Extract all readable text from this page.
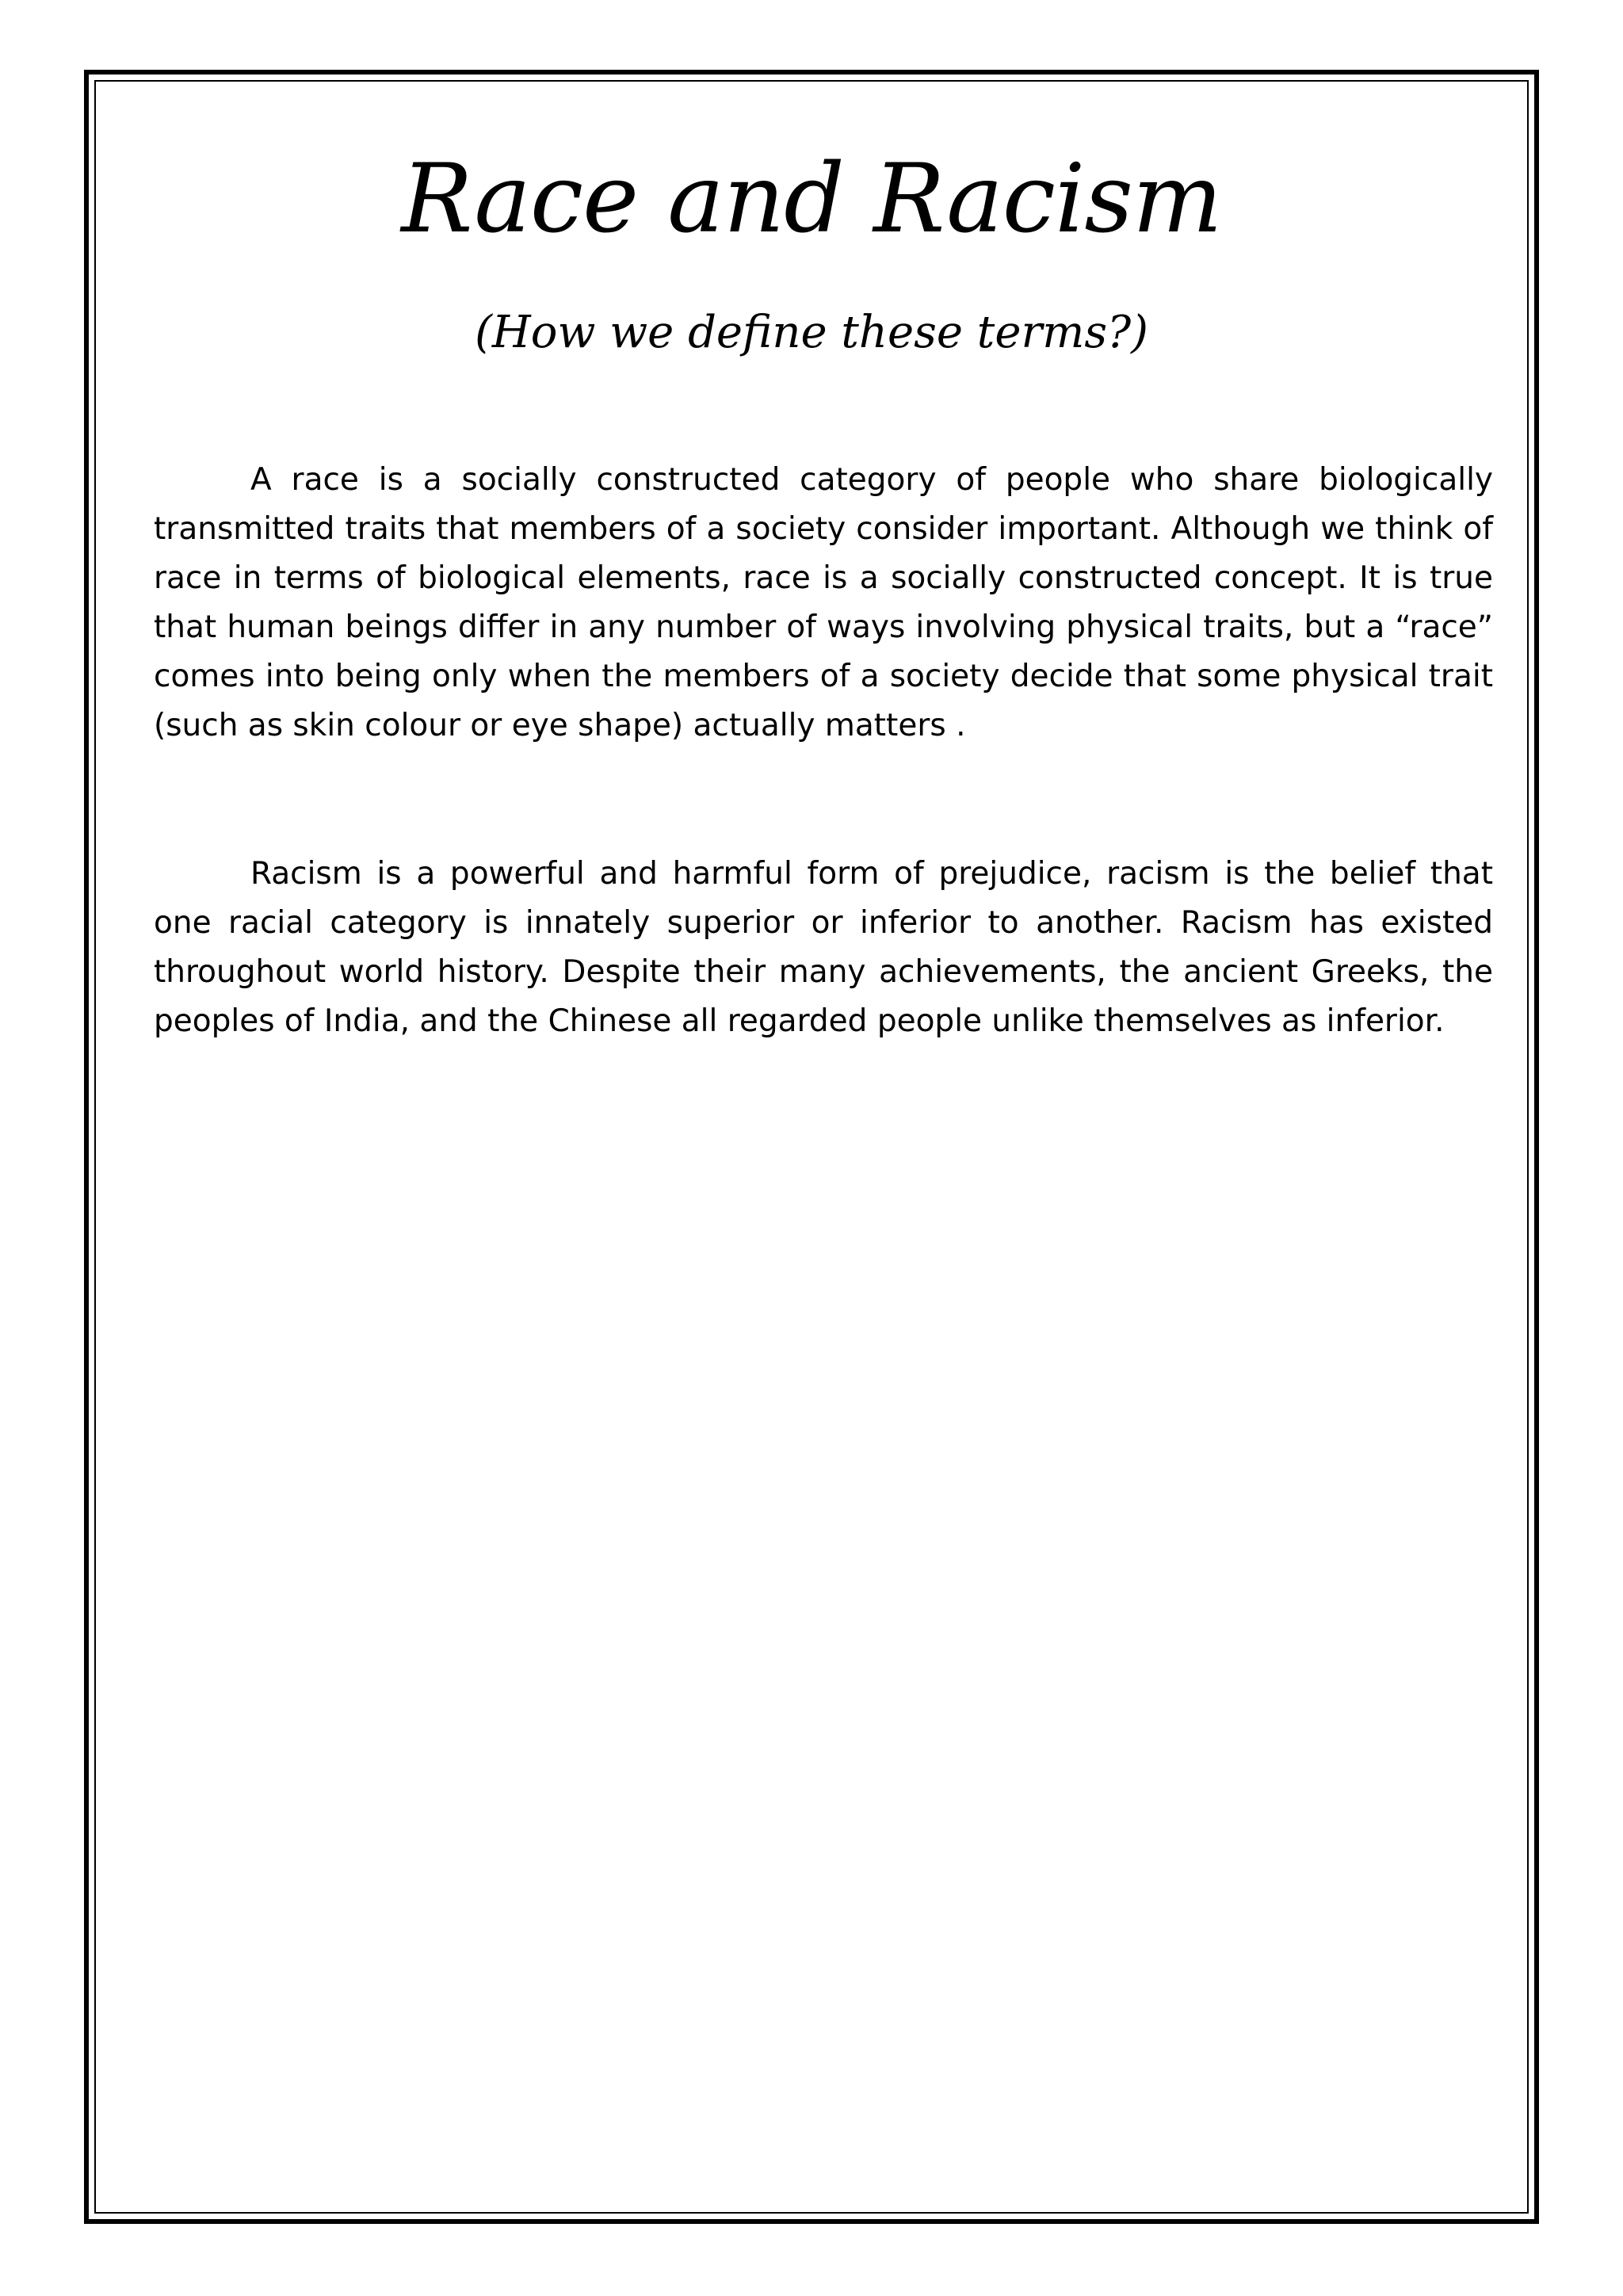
Race and Racism

(How we define these terms?)

A race is a socially constructed category of people who share biologically transmitted traits that members of a society consider important. Although we think of race in terms of biological elements, race is a socially constructed concept. It is true that human beings differ in any number of ways involving physical traits, but a “race” comes into being only when the members of a society decide that some physical trait (such as skin colour or eye shape) actually matters .

Racism is a powerful and harmful form of prejudice, racism is the belief that one racial category is innately superior or inferior to another. Racism has existed throughout world history. Despite their many achievements, the ancient Greeks, the peoples of India, and the Chinese all regarded people unlike themselves as inferior.
